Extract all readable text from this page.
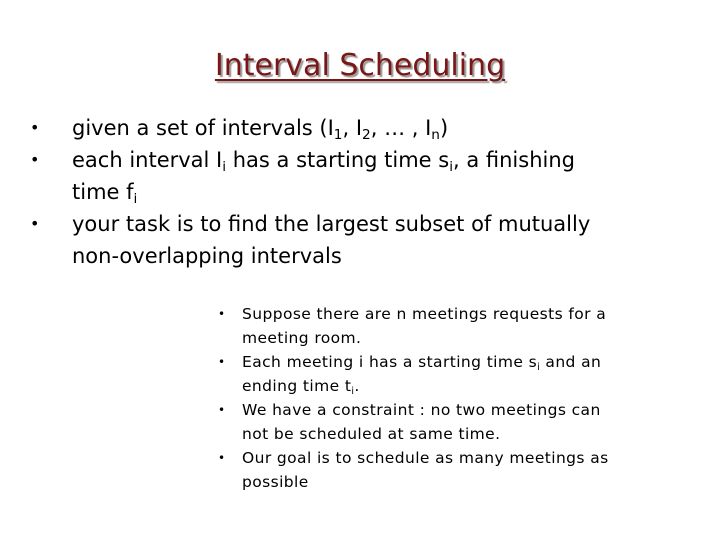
Interval Scheduling
• given a set of intervals ($I_1$, $I_2$, … , $I_n$)
• each interval $I_i$ has a starting time $s_i$, a finishing
time $f_i$
• your task is to find the largest subset of mutually
non-overlapping intervals
• Suppose there are n meetings requests for a
meeting room.
• Each meeting i has a starting time $s_i$ and an
ending time $t_i$.
• We have a constraint : no two meetings can
not be scheduled at same time.
• Our goal is to schedule as many meetings as
possible
